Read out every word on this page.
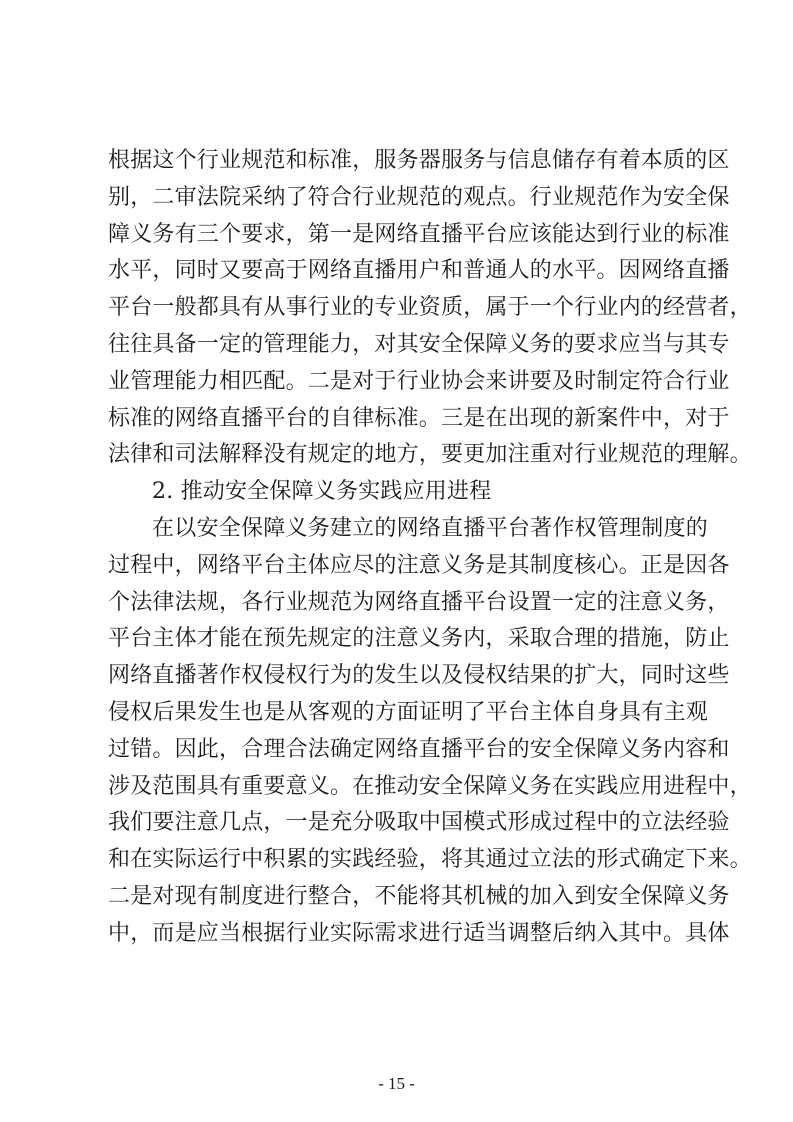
根据这个行业规范和标准，服务器服务与信息储存有着本质的区
别，二审法院采纳了符合行业规范的观点。行业规范作为安全保
障义务有三个要求，第一是网络直播平台应该能达到行业的标准
水平，同时又要高于网络直播用户和普通人的水平。因网络直播
平台一般都具有从事行业的专业资质，属于一个行业内的经营者，
往往具备一定的管理能力，对其安全保障义务的要求应当与其专
业管理能力相匹配。二是对于行业协会来讲要及时制定符合行业
标准的网络直播平台的自律标准。三是在出现的新案件中，对于
法律和司法解释没有规定的地方，要更加注重对行业规范的理解。
2. 推动安全保障义务实践应用进程
在以安全保障义务建立的网络直播平台著作权管理制度的
过程中，网络平台主体应尽的注意义务是其制度核心。正是因各
个法律法规，各行业规范为网络直播平台设置一定的注意义务，
平台主体才能在预先规定的注意义务内，采取合理的措施，防止
网络直播著作权侵权行为的发生以及侵权结果的扩大，同时这些
侵权后果发生也是从客观的方面证明了平台主体自身具有主观
过错。因此，合理合法确定网络直播平台的安全保障义务内容和
涉及范围具有重要意义。在推动安全保障义务在实践应用进程中，
我们要注意几点，一是充分吸取中国模式形成过程中的立法经验
和在实际运行中积累的实践经验，将其通过立法的形式确定下来。
二是对现有制度进行整合，不能将其机械的加入到安全保障义务
中，而是应当根据行业实际需求进行适当调整后纳入其中。具体
- 15 -
